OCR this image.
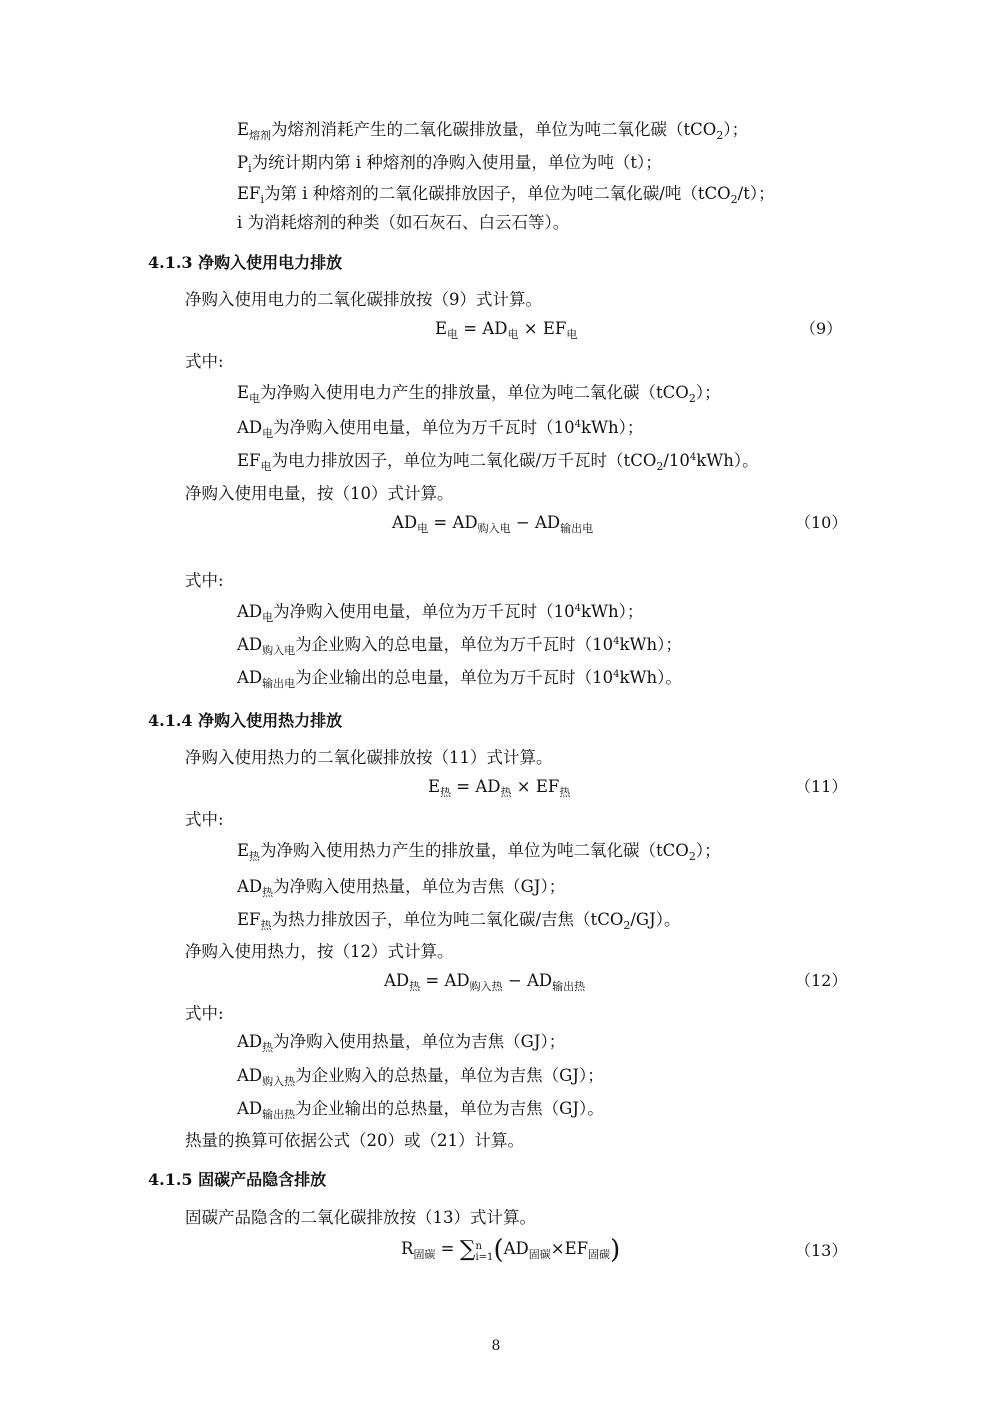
$E_{熔剂}$为熔剂消耗产生的二氧化碳排放量，单位为吨二氧化碳（tCO$_2$）；
$P_i$为统计期内第 i 种熔剂的净购入使用量，单位为吨（t）；
$EF_i$为第 i 种熔剂的二氧化碳排放因子，单位为吨二氧化碳/吨（tCO$_2$/t）；
i 为消耗熔剂的种类（如石灰石、白云石等）。
4.1.3 净购入使用电力排放
净购入使用电力的二氧化碳排放按（9）式计算。
$E_电 = AD_电 \times EF_电$	（9）
式中:
$E_电$为净购入使用电力产生的排放量，单位为吨二氧化碳（tCO$_2$）；
$AD_电$为净购入使用电量，单位为万千瓦时$(10^4kWh)$；
$EF_电$为电力排放因子，单位为吨二氧化碳/万千瓦时$(tCO_2/10^4kWh)$。
净购入使用电量，按（10）式计算。
$AD_电 = AD_{购入电} - AD_{输出电}$	（10）
式中:
$AD_电$为净购入使用电量，单位为万千瓦时$(10^4kWh)$；
$AD_{购入电}$为企业购入的总电量，单位为万千瓦时$(10^4kWh)$；
$AD_{输出电}$为企业输出的总电量，单位为万千瓦时$(10^4kWh)$。
4.1.4 净购入使用热力排放
净购入使用热力的二氧化碳排放按（11）式计算。
$E_热 = AD_热 \times EF_热$	（11）
式中:
$E_热$为净购入使用热力产生的排放量，单位为吨二氧化碳（tCO$_2$）；
$AD_热$为净购入使用热量，单位为吉焦（GJ）；
$EF_热$为热力排放因子，单位为吨二氧化碳/吉焦（tCO$_2$/GJ）。
净购入使用热力，按（12）式计算。
$AD_热 = AD_{购入热} - AD_{输出热}$	（12）
式中:
$AD_热$为净购入使用热量，单位为吉焦（GJ）；
$AD_{购入热}$为企业购入的总热量，单位为吉焦（GJ）；
$AD_{输出热}$为企业输出的总热量，单位为吉焦（GJ）。
热量的换算可依据公式（20）或（21）计算。
4.1.5 固碳产品隐含排放
固碳产品隐含的二氧化碳排放按（13）式计算。
$R_{固碳}$ = ∑ n
i=1 $(AD_{固碳}\times EF_{固碳})$	（13）
8
